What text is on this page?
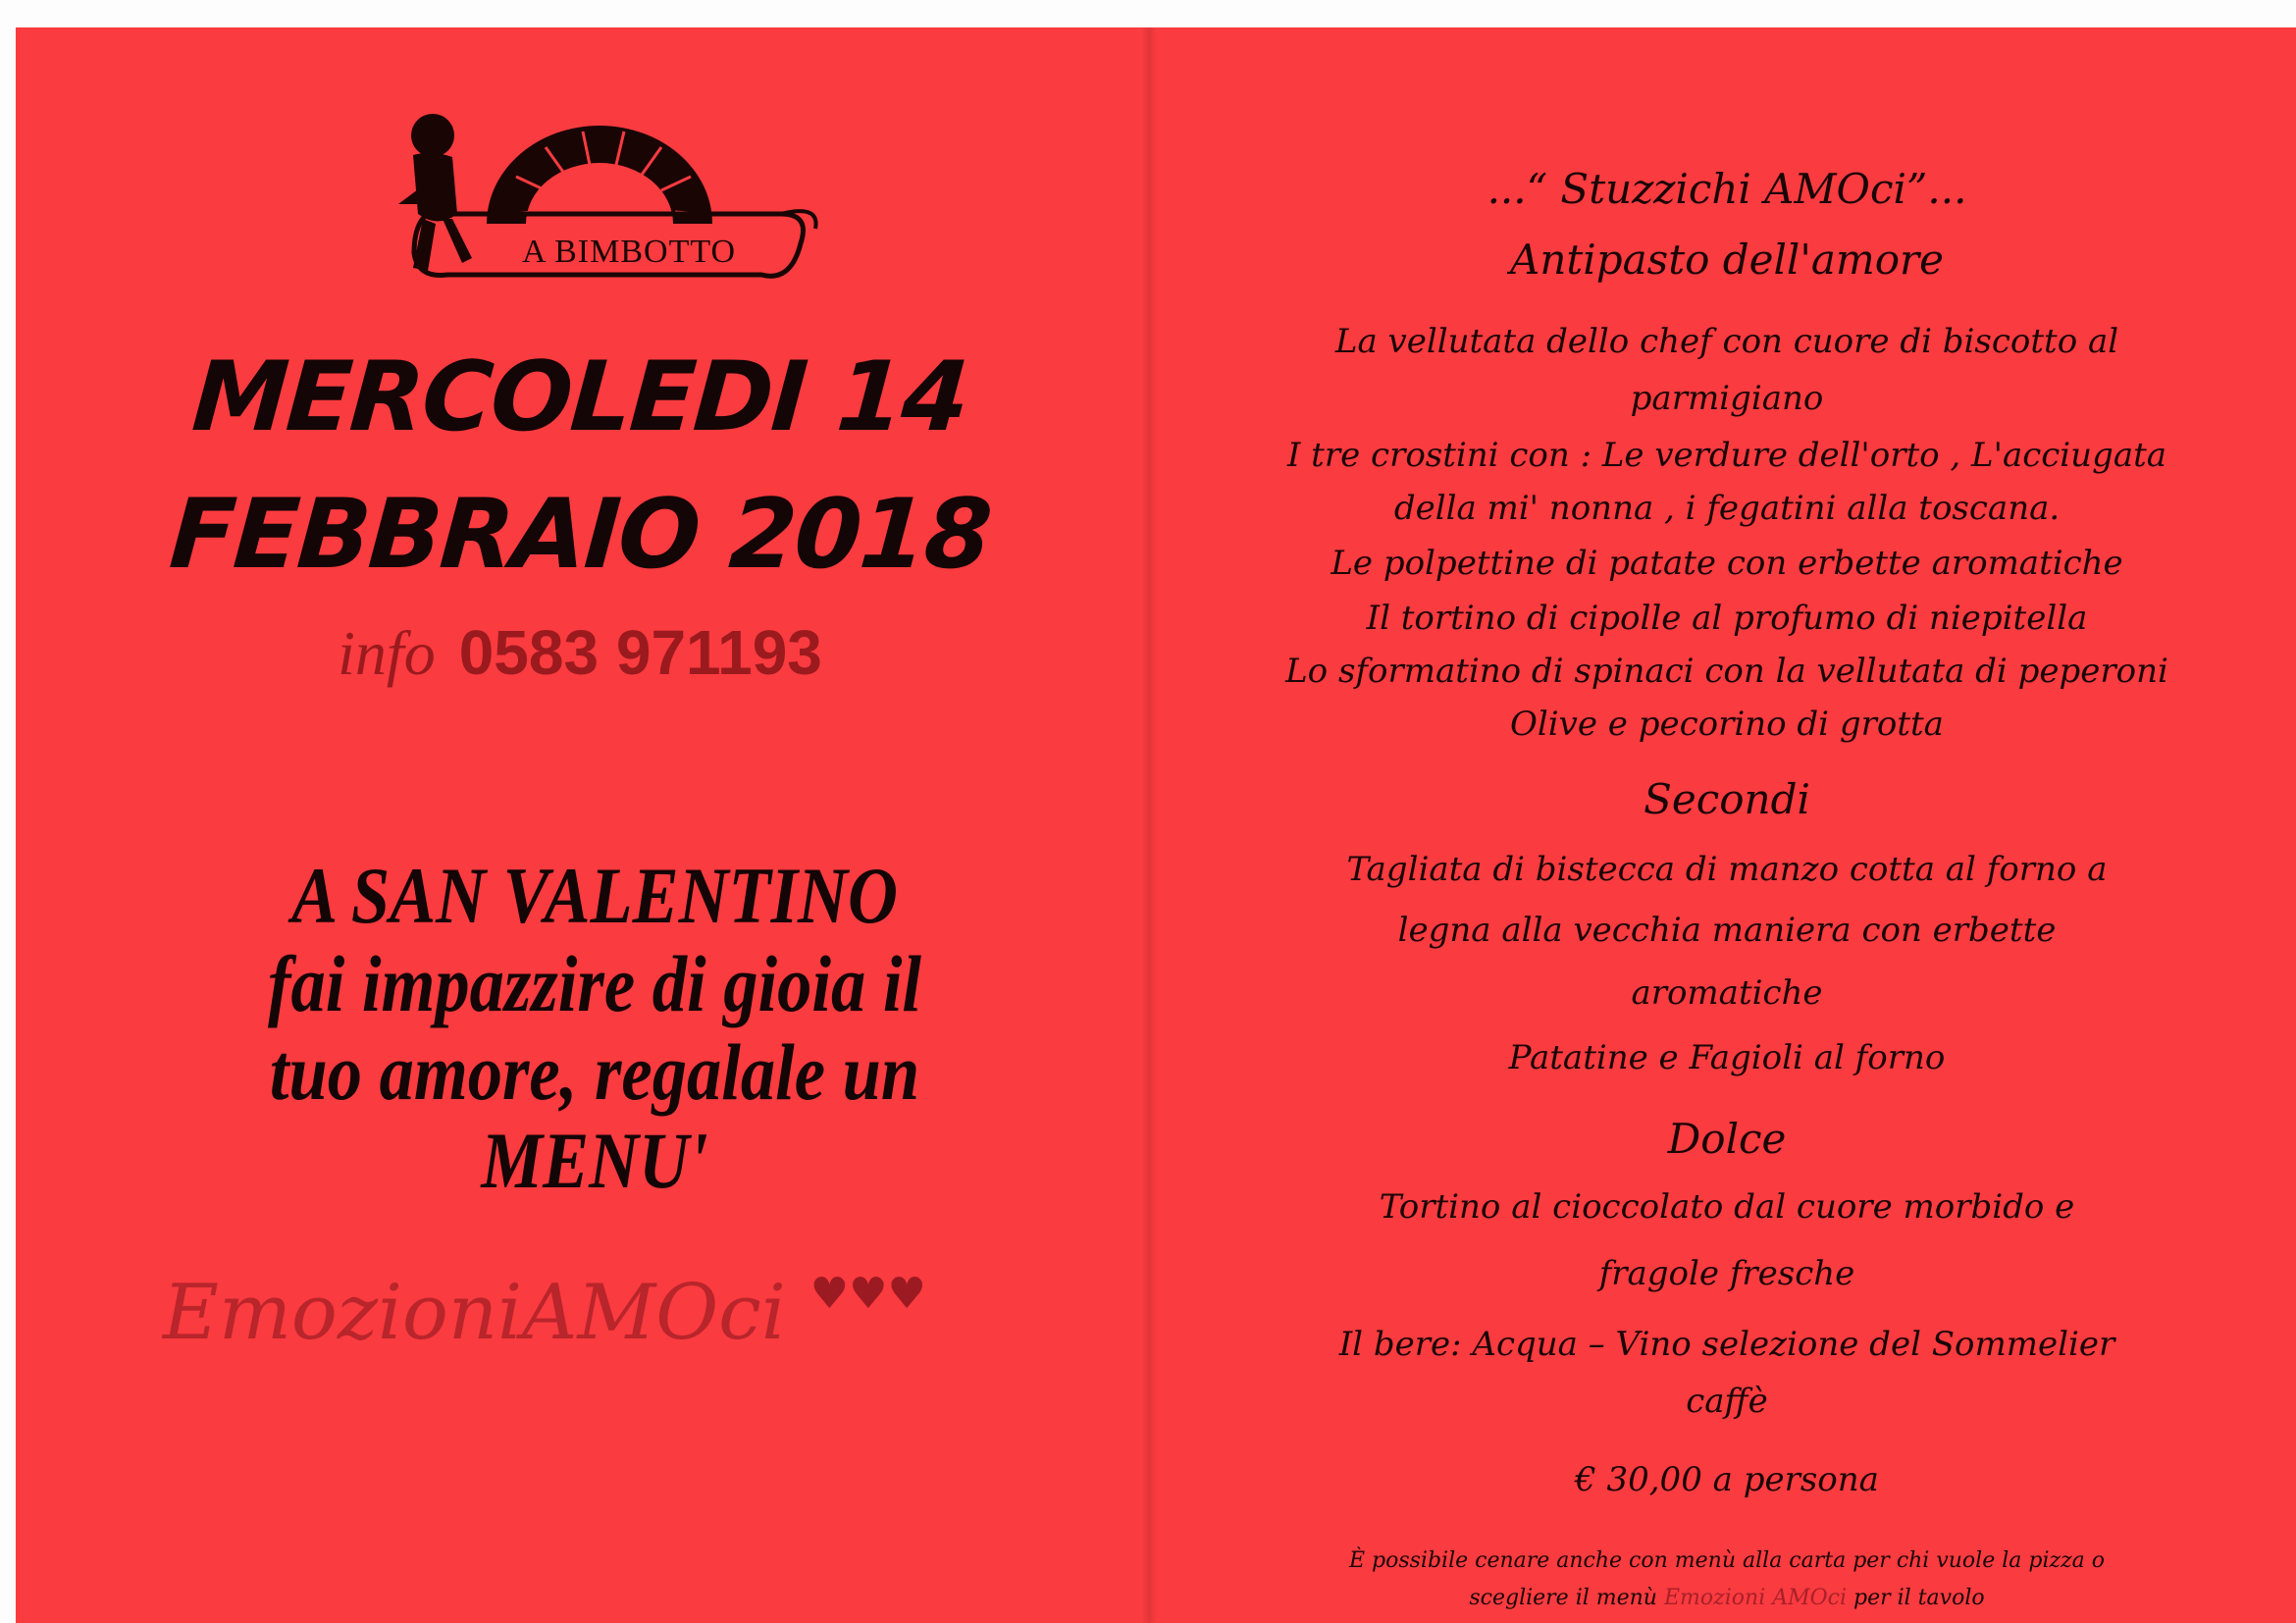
A BIMBOTTO
MERCOLEDI 14
FEBBRAIO 2018
info 0583 971193
A SAN VALENTINO
fai impazzire di gioia il
tuo amore, regalale un
MENU'
EmozioniAMOci ♥♥♥
...“ Stuzzichi AMOci”...
Antipasto dell'amore
La vellutata dello chef con cuore di biscotto al
parmigiano
I tre crostini con : Le verdure dell'orto , L'acciugata
della mi' nonna , i fegatini alla toscana.
Le polpettine di patate con erbette aromatiche
Il tortino di cipolle al profumo di niepitella
Lo sformatino di spinaci con la vellutata di peperoni
Olive e pecorino di grotta
Secondi
Tagliata di bistecca di manzo cotta al forno a
legna alla vecchia maniera con erbette
aromatiche
Patatine e Fagioli al forno
Dolce
Tortino al cioccolato dal cuore morbido e
fragole fresche
Il bere: Acqua – Vino selezione del Sommelier
caffè
€ 30,00 a persona
È possibile cenare anche con menù alla carta per chi vuole la pizza o
scegliere il menù Emozioni AMOci per il tavolo
